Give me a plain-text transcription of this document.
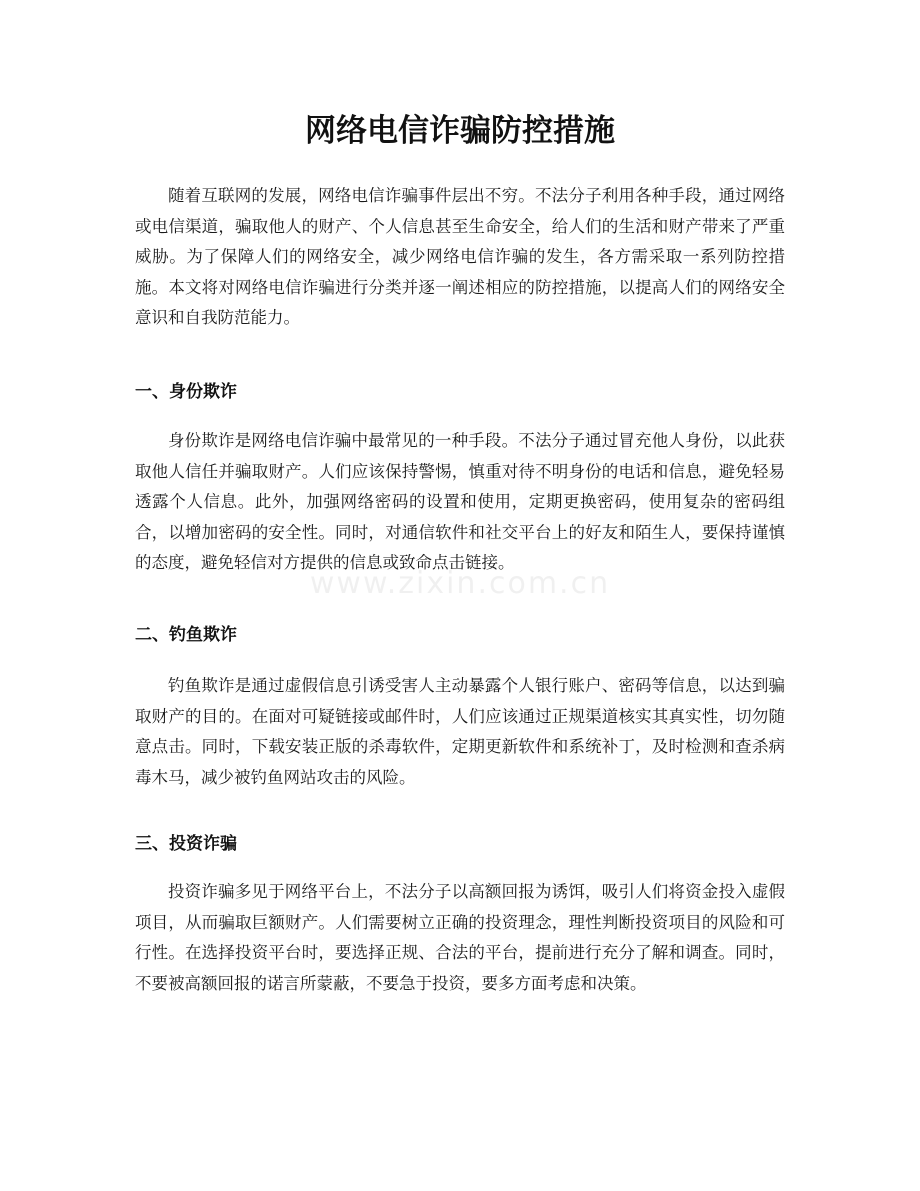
网络电信诈骗防控措施

随着互联网的发展，网络电信诈骗事件层出不穷。不法分子利用各种手段，通过网络或电信渠道，骗取他人的财产、个人信息甚至生命安全，给人们的生活和财产带来了严重威胁。为了保障人们的网络安全，减少网络电信诈骗的发生，各方需采取一系列防控措施。本文将对网络电信诈骗进行分类并逐一阐述相应的防控措施，以提高人们的网络安全意识和自我防范能力。

一、身份欺诈

身份欺诈是网络电信诈骗中最常见的一种手段。不法分子通过冒充他人身份，以此获取他人信任并骗取财产。人们应该保持警惕，慎重对待不明身份的电话和信息，避免轻易透露个人信息。此外，加强网络密码的设置和使用，定期更换密码，使用复杂的密码组合，以增加密码的安全性。同时，对通信软件和社交平台上的好友和陌生人，要保持谨慎的态度，避免轻信对方提供的信息或致命点击链接。

二、钓鱼欺诈

钓鱼欺诈是通过虚假信息引诱受害人主动暴露个人银行账户、密码等信息，以达到骗取财产的目的。在面对可疑链接或邮件时，人们应该通过正规渠道核实其真实性，切勿随意点击。同时，下载安装正版的杀毒软件，定期更新软件和系统补丁，及时检测和查杀病毒木马，减少被钓鱼网站攻击的风险。

三、投资诈骗

投资诈骗多见于网络平台上，不法分子以高额回报为诱饵，吸引人们将资金投入虚假项目，从而骗取巨额财产。人们需要树立正确的投资理念，理性判断投资项目的风险和可行性。在选择投资平台时，要选择正规、合法的平台，提前进行充分了解和调查。同时，不要被高额回报的诺言所蒙蔽，不要急于投资，要多方面考虑和决策。

www.zixin.com.cn
